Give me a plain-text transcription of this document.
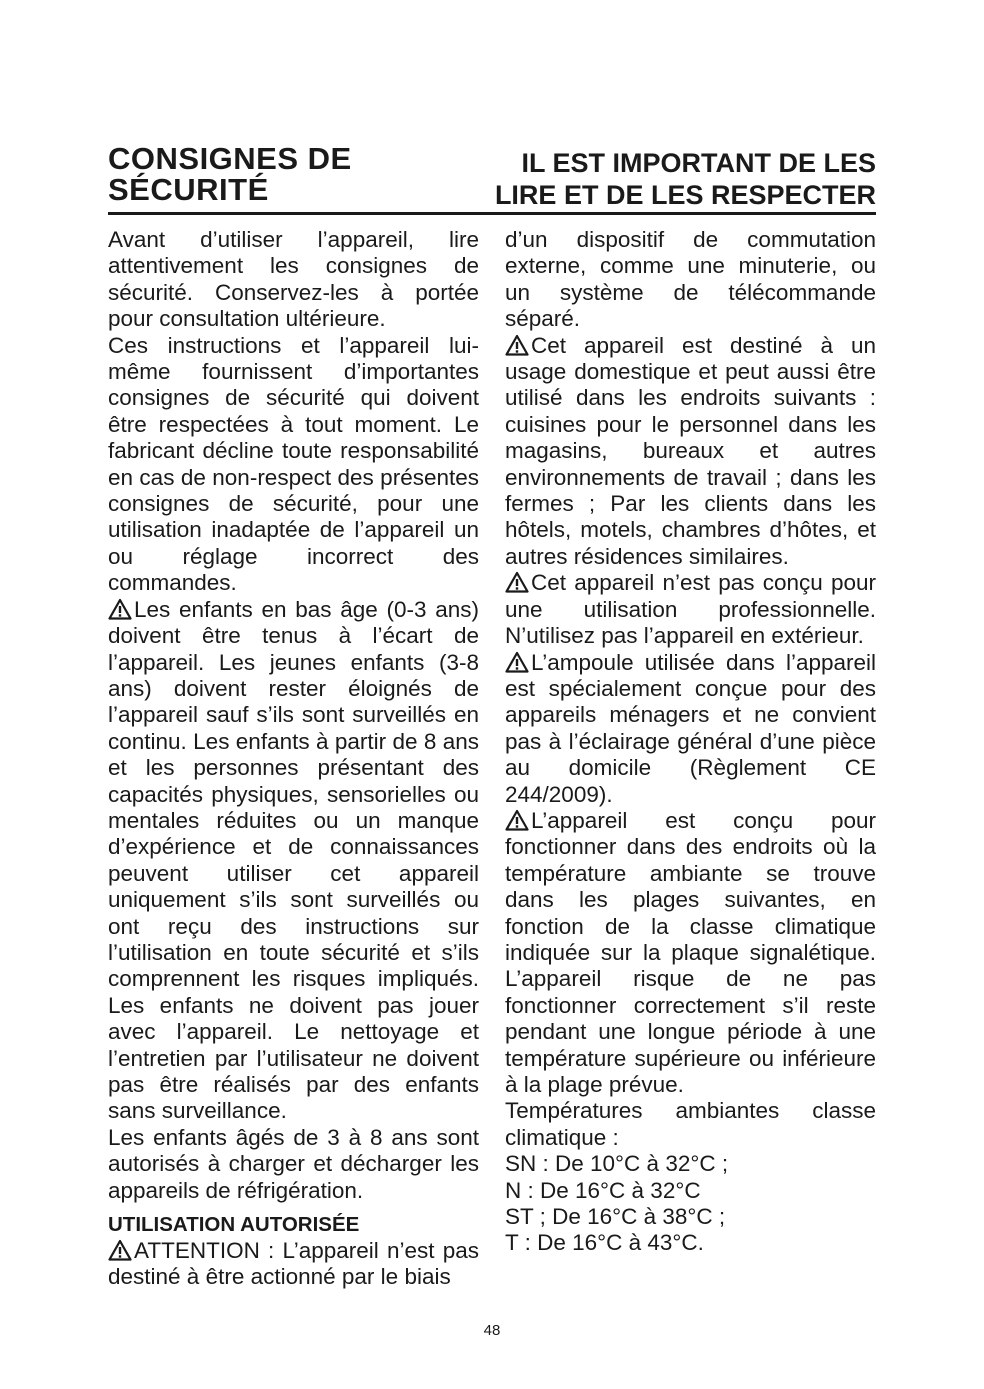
CONSIGNES DE SÉCURITÉ
IL EST IMPORTANT DE LES LIRE ET DE LES RESPECTER

Avant d’utiliser l’appareil, lire attentivement les consignes de sécurité. Conservez-les à portée pour consultation ultérieure.

Ces instructions et l’appareil lui-même fournissent d’importantes consignes de sécurité qui doivent être respectées à tout moment. Le fabricant décline toute responsabilité en cas de non-respect des présentes consignes de sécurité, pour une utilisation inadaptée de l’appareil un ou réglage incorrect des commandes.

Les enfants en bas âge (0-3 ans) doivent être tenus à l’écart de l’appareil. Les jeunes enfants (3-8 ans) doivent rester éloignés de l’appareil sauf s’ils sont surveillés en continu. Les enfants à partir de 8 ans et les personnes présentant des capacités physiques, sensorielles ou mentales réduites ou un manque d’expérience et de connaissances peuvent utiliser cet appareil uniquement s’ils sont surveillés ou ont reçu des instructions sur l’utilisation en toute sécurité et s’ils comprennent les risques impliqués. Les enfants ne doivent pas jouer avec l’appareil. Le nettoyage et l’entretien par l’utilisateur ne doivent pas être réalisés par des enfants sans surveillance.

Les enfants âgés de 3 à 8 ans sont autorisés à charger et décharger les appareils de réfrigération.

UTILISATION AUTORISÉE

ATTENTION : L’appareil n’est pas destiné à être actionné par le biais

d’un dispositif de commutation externe, comme une minuterie, ou un système de télécommande séparé.

Cet appareil est destiné à un usage domestique et peut aussi être utilisé dans les endroits suivants : cuisines pour le personnel dans les magasins, bureaux et autres environnements de travail ; dans les fermes ; Par les clients dans les hôtels, motels, chambres d’hôtes, et autres résidences similaires.

Cet appareil n’est pas conçu pour une utilisation professionnelle. N’utilisez pas l’appareil en extérieur.

L’ampoule utilisée dans l’appareil est spécialement conçue pour des appareils ménagers et ne convient pas à l’éclairage général d’une pièce au domicile (Règlement CE 244/2009).

L’appareil est conçu pour fonctionner dans des endroits où la température ambiante se trouve dans les plages suivantes, en fonction de la classe climatique indiquée sur la plaque signalétique. L’appareil risque de ne pas fonctionner correctement s’il reste pendant une longue période à une température supérieure ou inférieure à la plage prévue.

Températures ambiantes classe climatique :

SN : De 10°C à 32°C ;

N : De 16°C à 32°C

ST ; De 16°C à 38°C ;

T : De 16°C à 43°C.

48
